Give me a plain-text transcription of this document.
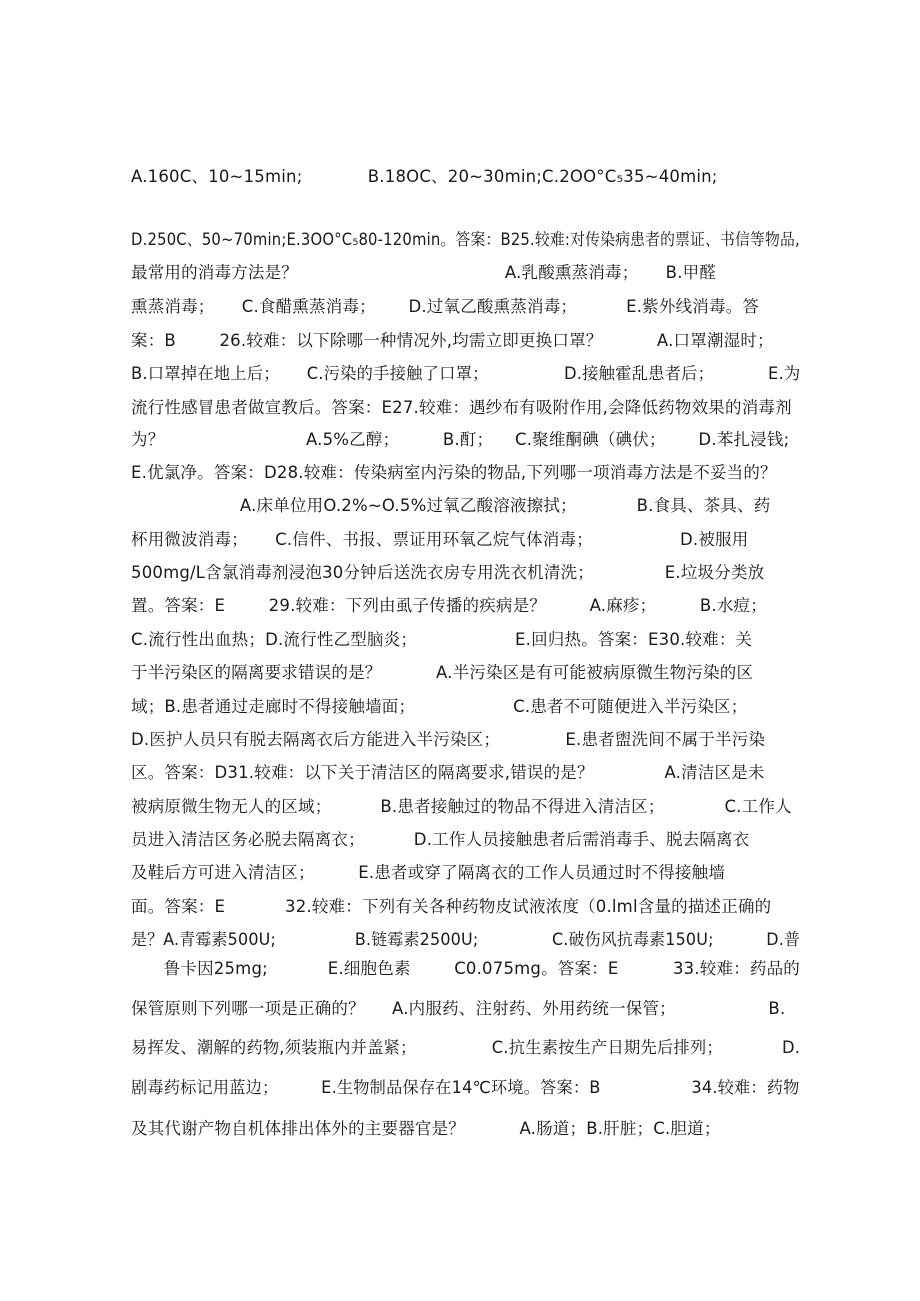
A.160C、10~15min;            B.18OC、20~30min;C.2OO°C₅35~40min;
D.250C、50~70min;E.3OO°C₅80-120min。答案：B25.较难:对传染病患者的票证、书信等物品,
最常用的消毒方法是？                                      A.乳酸熏蒸消毒；     B.甲醛
熏蒸消毒；     C.食醋熏蒸消毒；      D.过氧乙酸熏蒸消毒；         E.紫外线消毒。答
案：B        26.较难：以下除哪一种情况外,均需立即更换口罩？          A.口罩潮湿时；
B.口罩掉在地上后；     C.污染的手接触了口罩；              D.接触霍乱患者后；          E.为
流行性感冒患者做宣教后。答案：E27.较难：遇纱布有吸附作用,会降低药物效果的消毒剂
为？                          A.5%乙醇；        B.酊；    C.聚维酮碘（碘伏；      D.苯扎浸钱;
E.优氯净。答案：D28.较难：传染病室内污染的物品,下列哪一项消毒方法是不妥当的？
A.床单位用O.2%~O.5%过氧乙酸溶液擦拭；           B.食具、茶具、药
杯用微波消毒；     C.信件、书报、票证用环氧乙烷气体消毒；                D.被服用
500mg/L含氯消毒剂浸泡30分钟后送洗衣房专用洗衣机清洗；             E.垃圾分类放
置。答案：E        29.较难：下列由虱子传播的疾病是？        A.麻疹；        B.水痘；
C.流行性出血热；D.流行性乙型脑炎；                  E.回归热。答案：E30.较难：关
于半污染区的隔离要求错误的是？          A.半污染区是有可能被病原微生物污染的区
域；B.患者通过走廊时不得接触墙面；                  C.患者不可随便进入半污染区；
D.医护人员只有脱去隔离衣后方能进入半污染区；            E.患者盥洗间不属于半污染
区。答案：D31.较难：以下关于清洁区的隔离要求,错误的是？             A.清洁区是未
被病原微生物无人的区域；         B.患者接触过的物品不得进入清洁区；           C.工作人
员进入清洁区务必脱去隔离衣；         D.工作人员接触患者后需消毒手、脱去隔离衣
及鞋后方可进入清洁区；        E.患者或穿了隔离衣的工作人员通过时不得接触墙
面。答案：E           32.较难：下列有关各种药物皮试液浓度（0.lml含量的描述正确的
是？A.青霉素500U;               B.链霉素2500U;              C.破伤风抗毒素150U;          D.普
鲁卡因25mg;           E.细胞色素        C0.075mg。答案：E          33.较难：药品的
保管原则下列哪一项是正确的？     A.内服药、注射药、外用药统一保管；                 B.
易挥发、潮解的药物,须装瓶内并盖紧；              C.抗生素按生产日期先后排列；           D.
剧毒药标记用蓝边；        E.生物制品保存在14℃环境。答案：B                 34.较难：药物
及其代谢产物自机体排出体外的主要器官是？          A.肠道；B.肝脏；C.胆道；
